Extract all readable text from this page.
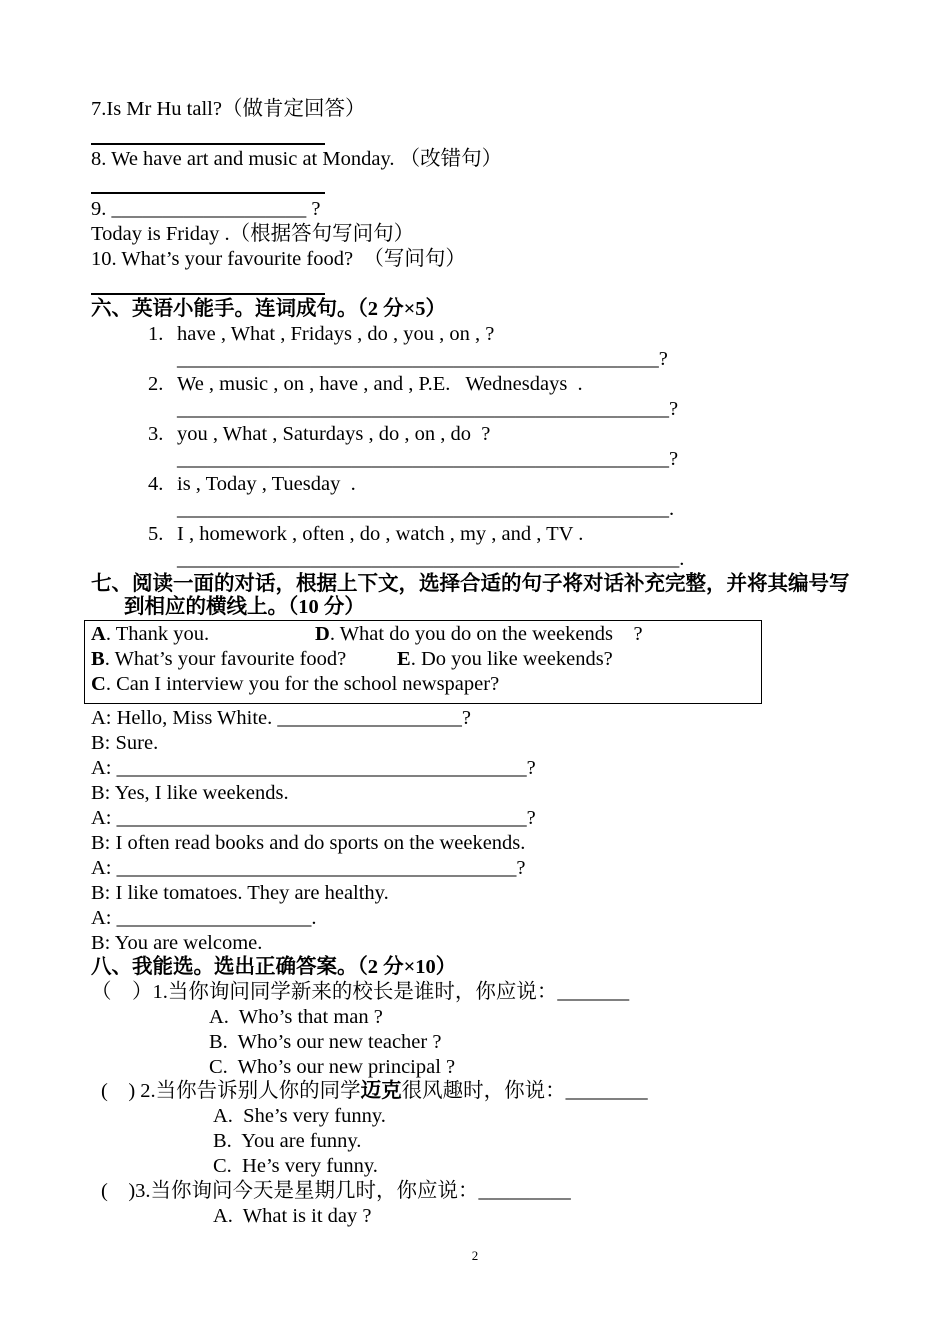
7.Is Mr Hu tall?（做肯定回答）
8. We have art and music at Monday. （改错句）
9. ___________________ ?
Today is Friday .（根据答句写问句）
10. What’s your favourite food?  （写问句）
六、英语小能手。连词成句。（2 分×5）
1. have , What , Fridays , do , you , on , ?
_______________________________________________?
2. We , music , on , have , and , P.E.   Wednesdays  .
________________________________________________?
3. you , What , Saturdays , do , on , do  ?
________________________________________________?
4. is , Today , Tuesday  .
________________________________________________.
5. I , homework , often , do , watch , my , and , TV .
_________________________________________________.
七、阅读一面的对话，根据上下文，选择合适的句子将对话补充完整，并将其编号写
到相应的横线上。（10 分）
A. Thank you.	D. What do you do on the weekends    ?
B. What’s your favourite food? E. Do you like weekends?
C. Can I interview you for the school newspaper?
A: Hello, Miss White. __________________?
B: Sure.
A: ________________________________________?
B: Yes, I like weekends.
A: ________________________________________?
B: I often read books and do sports on the weekends.
A: _______________________________________?
B: I like tomatoes. They are healthy.
A: ___________________.
B: You are welcome.
八、我能选。选出正确答案。（2 分×10）
（    ）1.当你询问同学新来的校长是谁时，你应说：_______
A.  Who’s that man ?
B.  Who’s our new teacher ?
C.  Who’s our new principal ?
(    ) 2.当你告诉别人你的同学迈克很风趣时，你说：________
A.  She’s very funny.
B.  You are funny.
C.  He’s very funny.
(    )3.当你询问今天是星期几时，你应说：_________
A.  What is it day ?
2
